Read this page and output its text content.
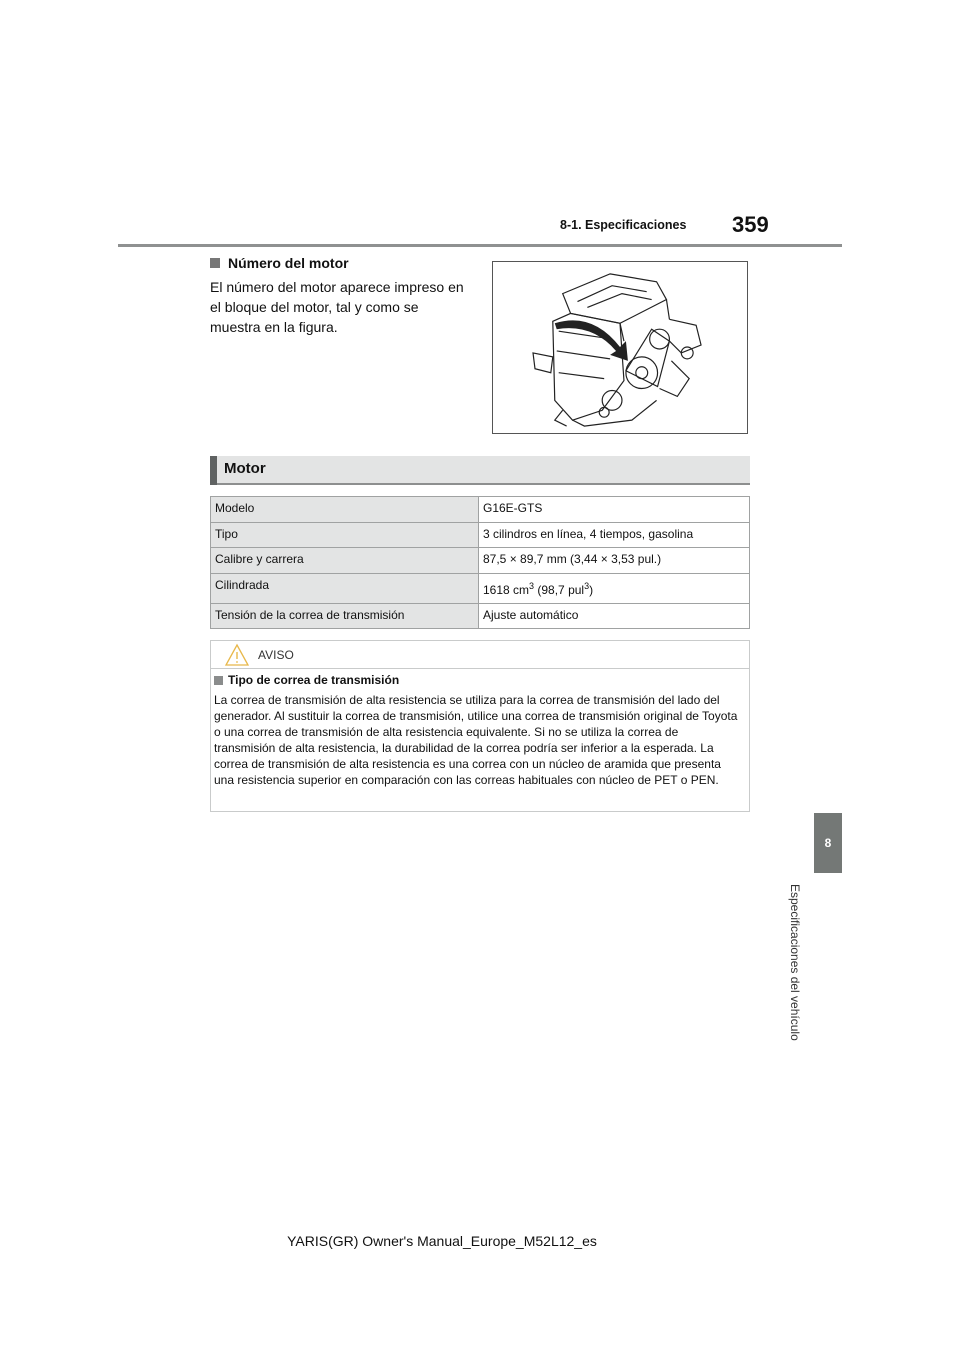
8-1. Especificaciones 359
8
Especificaciones del vehículo
Número del motor
El número del motor aparece impreso en el bloque del motor, tal y como se muestra en la figura.
Motor
Modelo	G16E-GTS
Tipo	3 cilindros en línea, 4 tiempos, gasolina
Calibre y carrera	87,5 × 89,7 mm (3,44 × 3,53 pul.)
Cilindrada	1618 $cm^3$ (98,7 pul$^3$)
Tensión de la correa de transmisión	Ajuste automático
AVISO
Tipo de correa de transmisión
La correa de transmisión de alta resistencia se utiliza para la correa de transmisión del lado del generador. Al sustituir la correa de transmisión, utilice una correa de transmisión original de Toyota o una correa de transmisión de alta resistencia equivalente. Si no se utiliza la correa de transmisión de alta resistencia, la durabilidad de la correa podría ser inferior a la esperada. La correa de transmisión de alta resistencia es una correa con un núcleo de aramida que presenta una resistencia superior en comparación con las correas habituales con núcleo de PET o PEN.
YARIS(GR) Owner's Manual_Europe_M52L12_es
